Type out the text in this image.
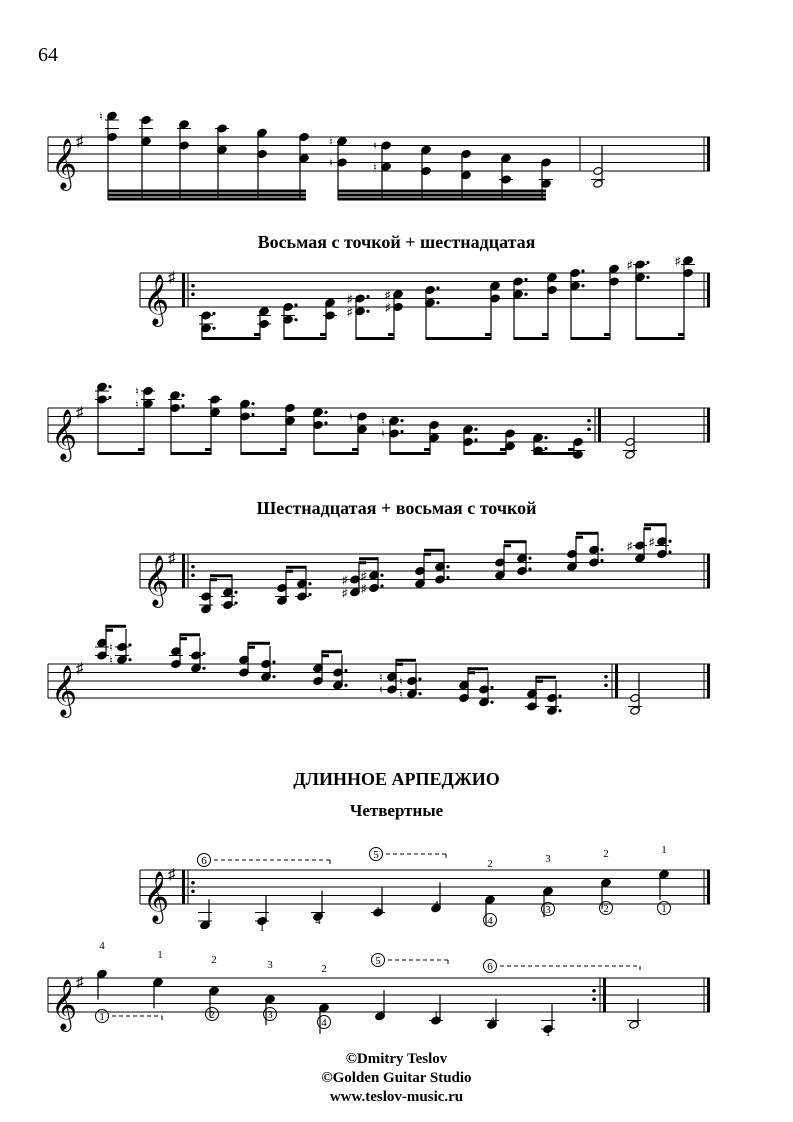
64
Восьмая с точкой + шестнадцатая
Шестнадцатая + восьмая с точкой
ДЛИННОЕ АРПЕДЖИО
Четвертные
𝄞
♯
♮
♮
♮
♮
♮
𝄞
♯
♯
♯
♯
♯
♯	♯
𝄞
♯
♮
♮
♮	♮
♮
𝄞
♯
♯
♯
♯
♯
♯ ♯
𝄞
♯
♮
♮
♮
♮
♮
♮
𝄞
♯
6	5
1
4
1	4
2	3	2	1
4
3	2	1
𝄞
♯
4
1	2	3	2
1	2	3
4
5	6
4	1	4
1
©Dmitry Teslov
©Golden Guitar Studio
www.teslov-music.ru
